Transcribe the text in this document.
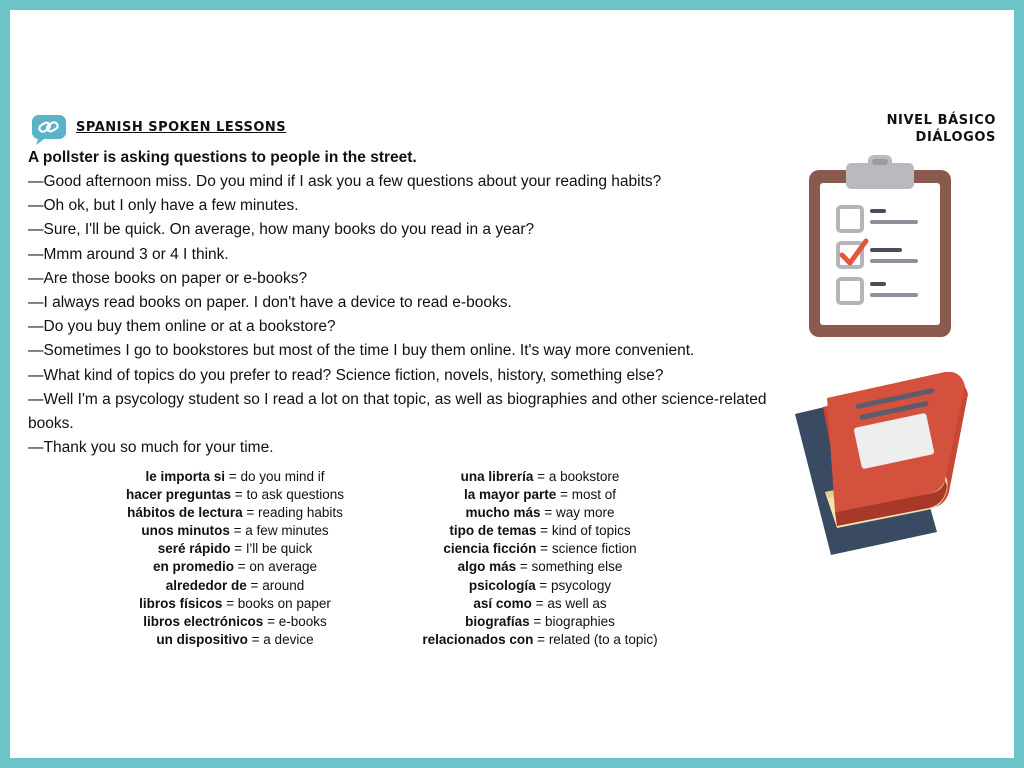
SPANISH SPOKEN LESSONS	NIVEL BÁSICO
DIÁLOGOS

A pollster is asking questions to people in the street.

—Good afternoon miss. Do you mind if I ask you a few questions about your reading habits?

—Oh ok, but I only have a few minutes.

—Sure, I'll be quick. On average, how many books do you read in a year?

—Mmm around 3 or 4 I think.

—Are those books on paper or e-books?

—I always read books on paper. I don't have a device to read e-books.

—Do you buy them online or at a bookstore?

—Sometimes I go to bookstores but most of the time I buy them online. It's way more convenient.

—What kind of topics do you prefer to read? Science fiction, novels, history, something else?

—Well I'm a psycology student so I read a lot on that topic, as well as biographies and other science-related books.

—Thank you so much for your time.

le importa si = do you mind if
hacer preguntas = to ask questions
hábitos de lectura = reading habits
unos minutos = a few minutes
seré rápido = I'll be quick
en promedio = on average
alrededor de = around
libros físicos = books on paper
libros electrónicos = e-books
un dispositivo = a device
una librería = a bookstore
la mayor parte = most of
mucho más = way more
tipo de temas = kind of topics
ciencia ficción = science fiction
algo más = something else
psicología = psycology
así como = as well as
biografías = biographies
relacionados con = related (to a topic)
